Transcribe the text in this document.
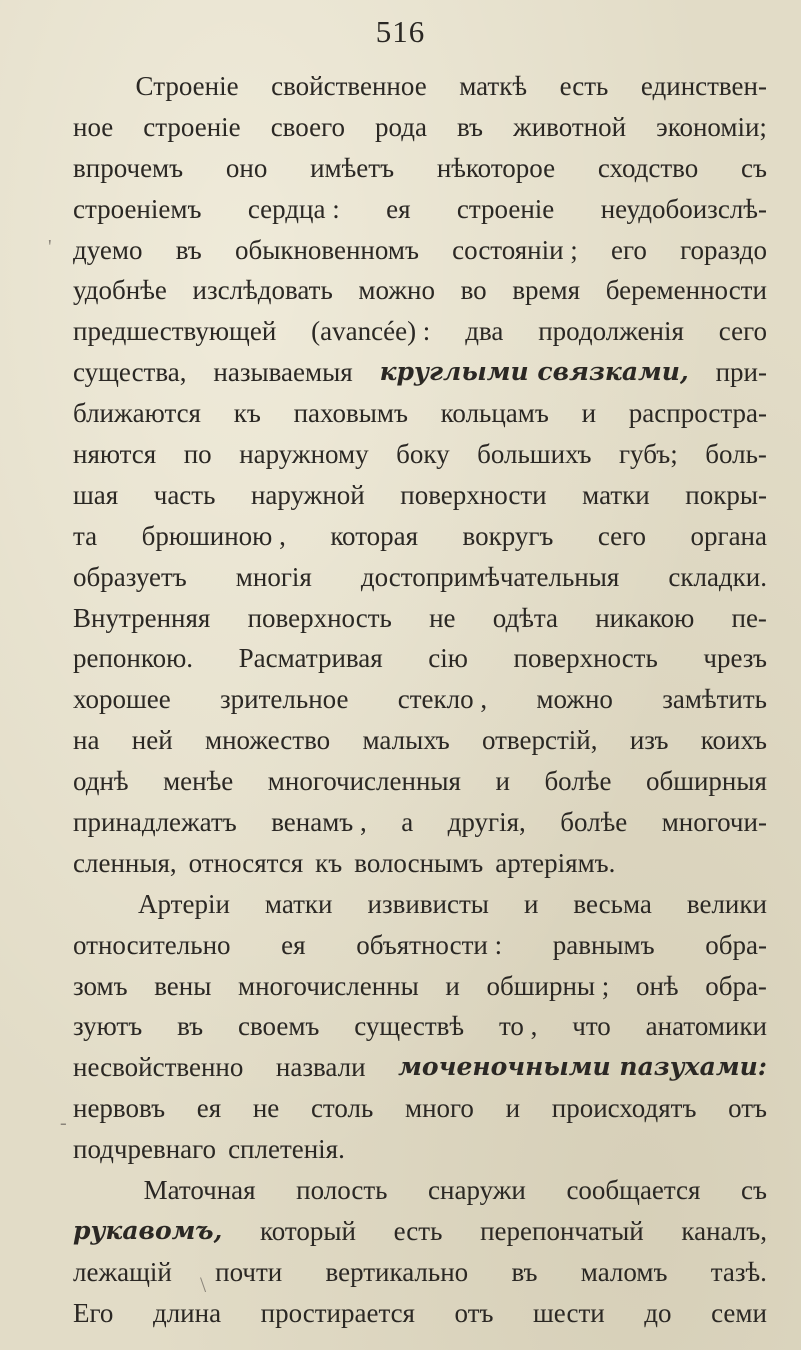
516
Строеніе свойственное маткѣ есть единствен-
ное строеніе своего рода въ животной экономіи;
впрочемъ оно имѣетъ нѣкоторое сходство съ
строеніемъ сердца : ея строеніе неудобоизслѣ-
дуемо въ обыкновенномъ состояніи ; его гораздо
удобнѣе изслѣдовать можно во время беременности
предшествующей (avancée) : два продолженія сего
существа, называемыя круглыми связками, при-
ближаются къ паховымъ кольцамъ и распростра-
няются по наружному боку большихъ губъ; боль-
шая часть наружной поверхности матки покры-
та брюшиною , которая вокругъ сего органа
образуетъ многія достопримѣчательныя складки.
Внутренняя поверхность не одѣта никакою пе-
репонкою. Расматривая сію поверхность чрезъ
хорошее зрительное стекло , можно замѣтить
на ней множество малыхъ отверстій, изъ коихъ
однѣ менѣе многочисленныя и болѣе обширныя
принадлежатъ венамъ , а другія, болѣе многочи-
сленныя, относятся къ волоснымъ артеріямъ.
Артеріи матки извивисты и весьма велики
относительно ея объятности : равнымъ обра-
зомъ вены многочисленны и обширны ; онѣ обра-
зуютъ въ своемъ существѣ то , что анатомики
несвойственно назвали моченочными пазухами:
нервовъ ея не столь много и происходятъ отъ
подчревнаго сплетенія.
Маточная полость снаружи сообщается съ
рукавомъ, который есть перепончатый каналъ,
лежащій почти вертикально въ маломъ тазѣ.
Его длина простирается отъ шести до семи
'
-
\
